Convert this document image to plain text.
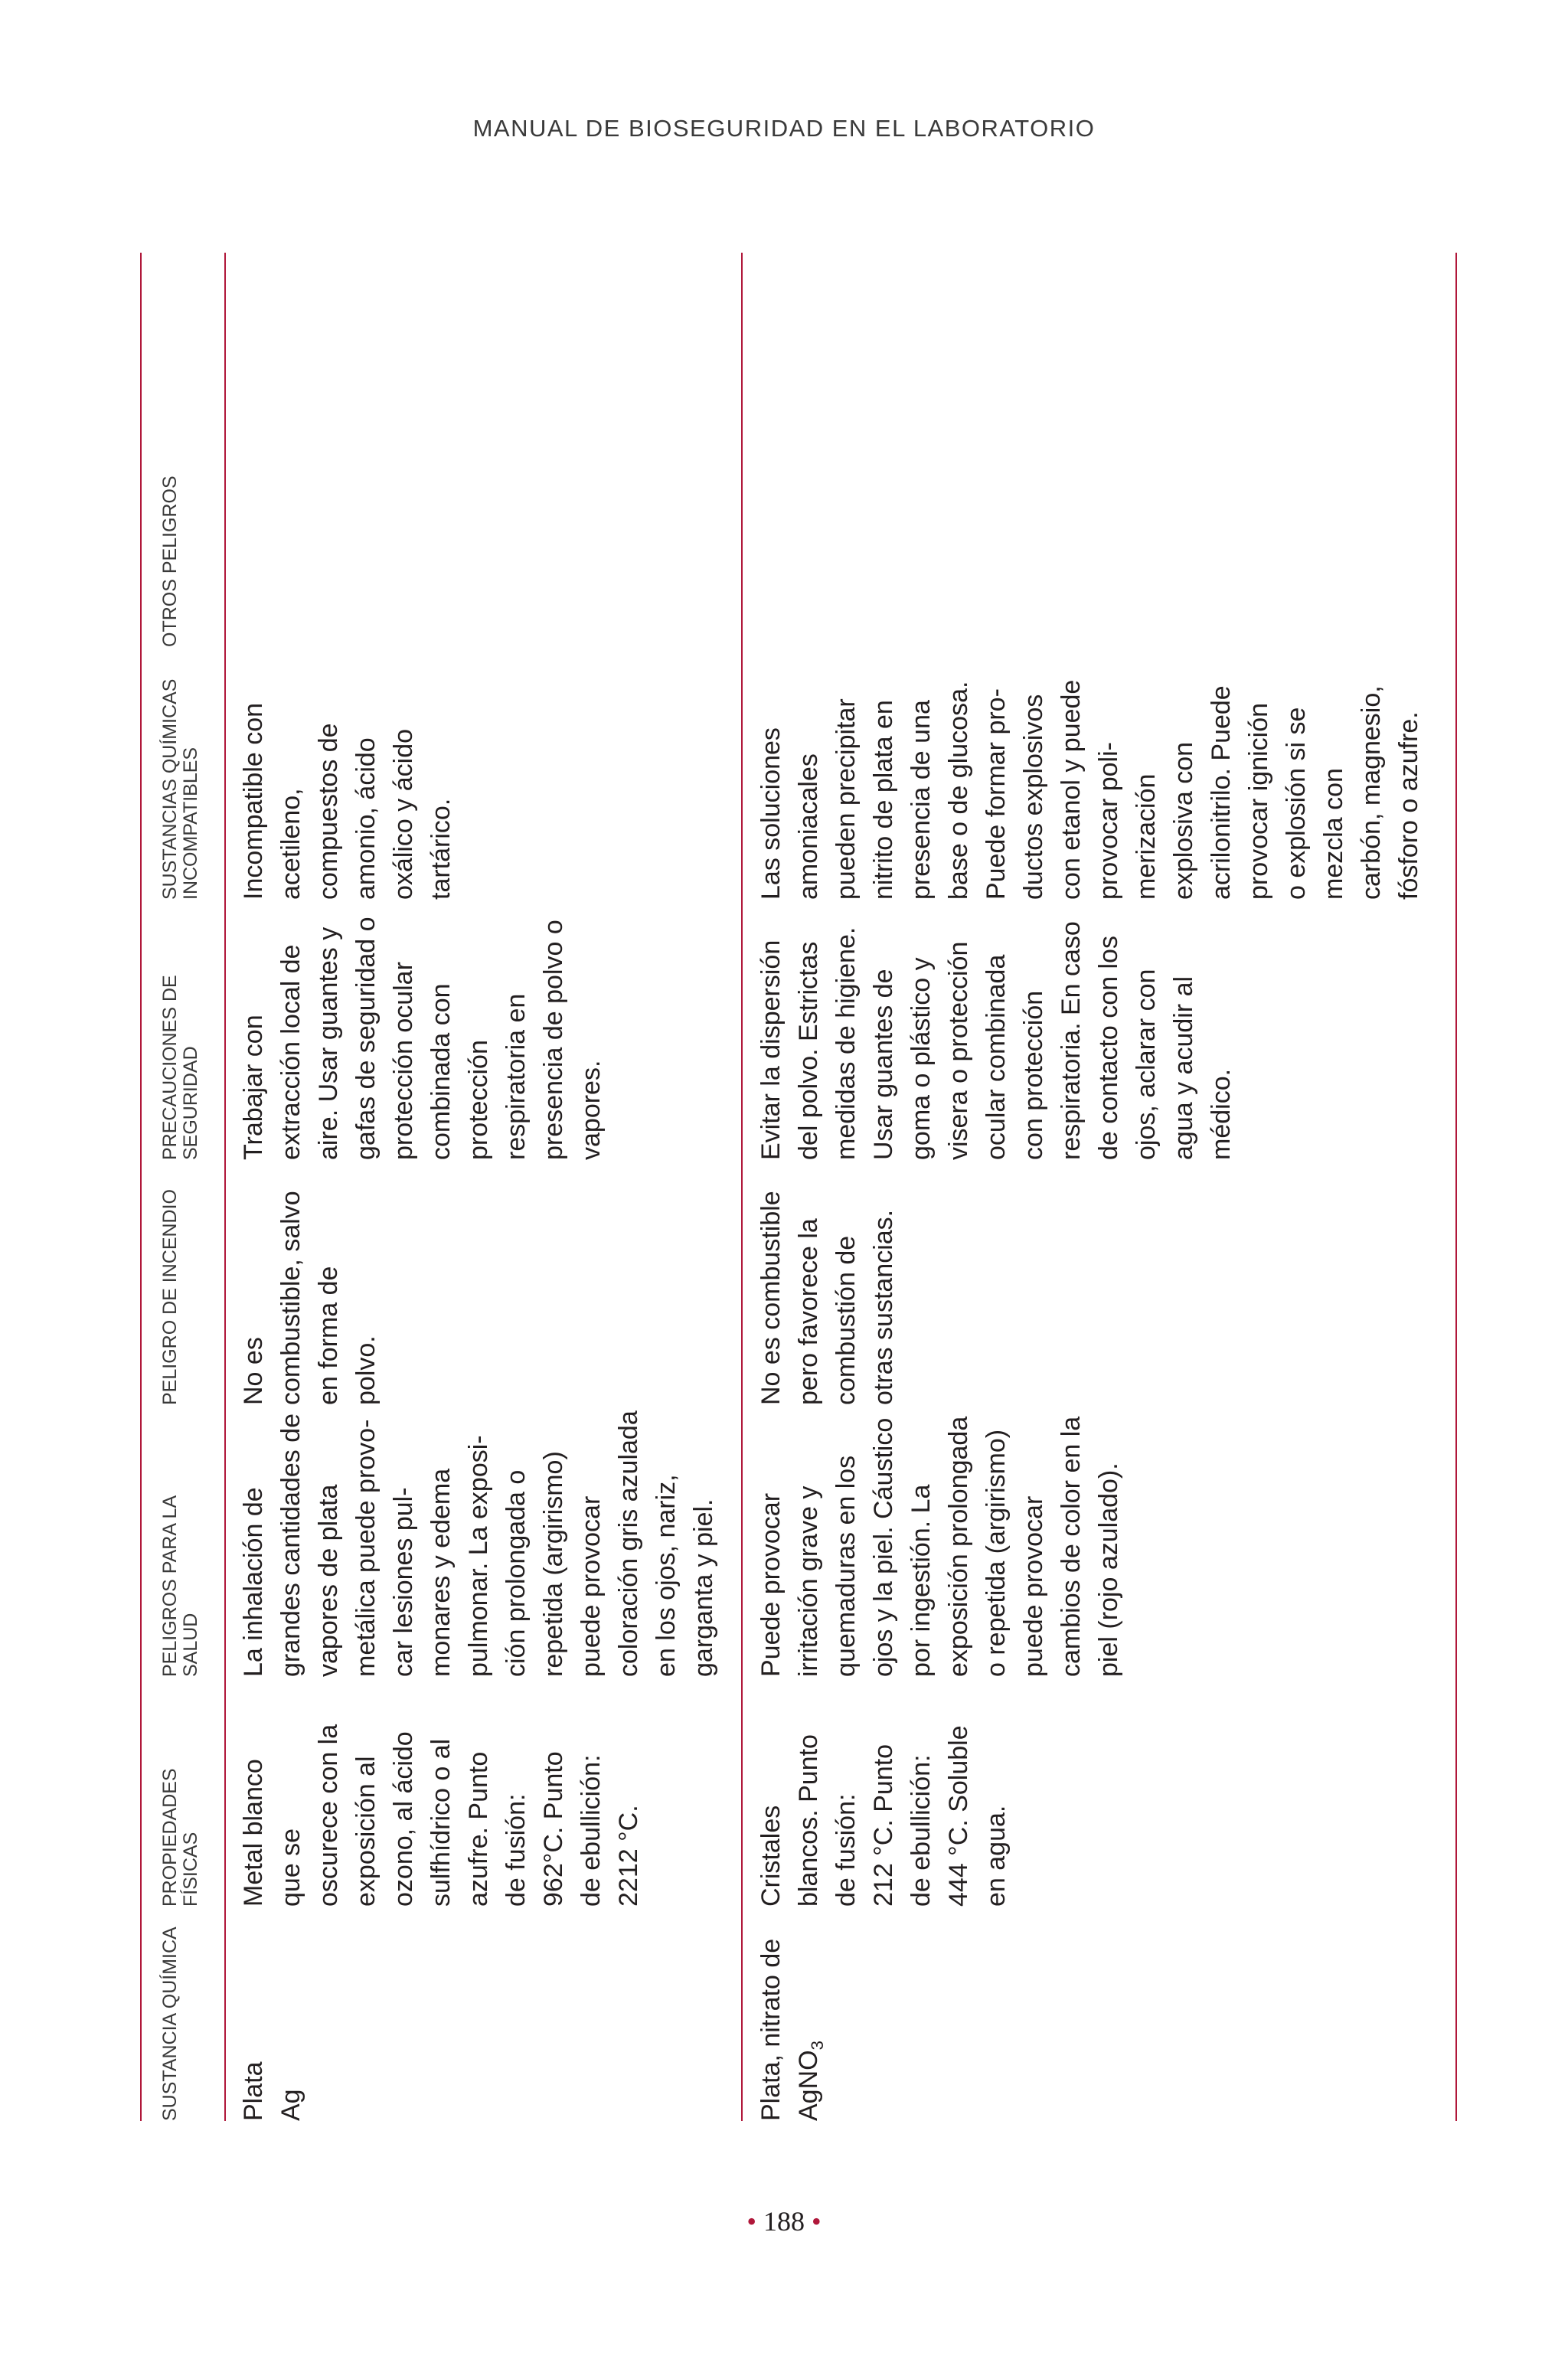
MANUAL DE BIOSEGURIDAD EN EL LABORATORIO
SUSTANCIA QUÍMICA
PROPIEDADES FÍSICAS
PELIGROS PARA LA SALUD
PELIGRO DE INCENDIO
PRECAUCIONES DE SEGURIDAD
SUSTANCIAS QUÍMICAS INCOMPATIBLES
OTROS PELIGROS
Plata Ag
Metal blanco que se oscurece con la exposición al ozono, al ácido sulfhídrico o al azufre. Punto de fusión: 962°C. Punto de ebullición: 2212 °C.
La inhalación de grandes cantidades de vapores de plata metálica puede provo- car lesiones pul- monares y edema pulmonar. La exposi- ción prolongada o repetida (argirismo) puede provocar coloración gris azulada en los ojos, nariz, garganta y piel.
No es combustible, salvo en forma de polvo.
Trabajar con extracción local de aire. Usar guantes y gafas de seguridad o protección ocular combinada con protección respiratoria en presencia de polvo o vapores.
Incompatible con acetileno, compuestos de amonio, ácido oxálico y ácido tartárico.
Plata, nitrato de AgNO$_3$
Cristales blancos. Punto de fusión: 212 °C. Punto de ebullición: 444 °C. Soluble en agua.
Puede provocar irritación grave y quemaduras en los ojos y la piel. Cáustico por ingestión. La exposición prolongada o repetida (argirismo) puede provocar cambios de color en la piel (rojo azulado).
No es combustible pero favorece la combustión de otras sustancias.
Evitar la dispersión del polvo. Estrictas medidas de higiene. Usar guantes de goma o plástico y visera o protección ocular combinada con protección respiratoria. En caso de contacto con los ojos, aclarar con agua y acudir al médico.
Las soluciones amoniacales pueden precipitar nitrito de plata en presencia de una base o de glucosa. Puede formar pro- ductos explosivos con etanol y puede provocar poli- merización explosiva con acrilonitrilo. Puede provocar ignición o explosión si se mezcla con carbón, magnesio, fósforo o azufre.
• 188 •
